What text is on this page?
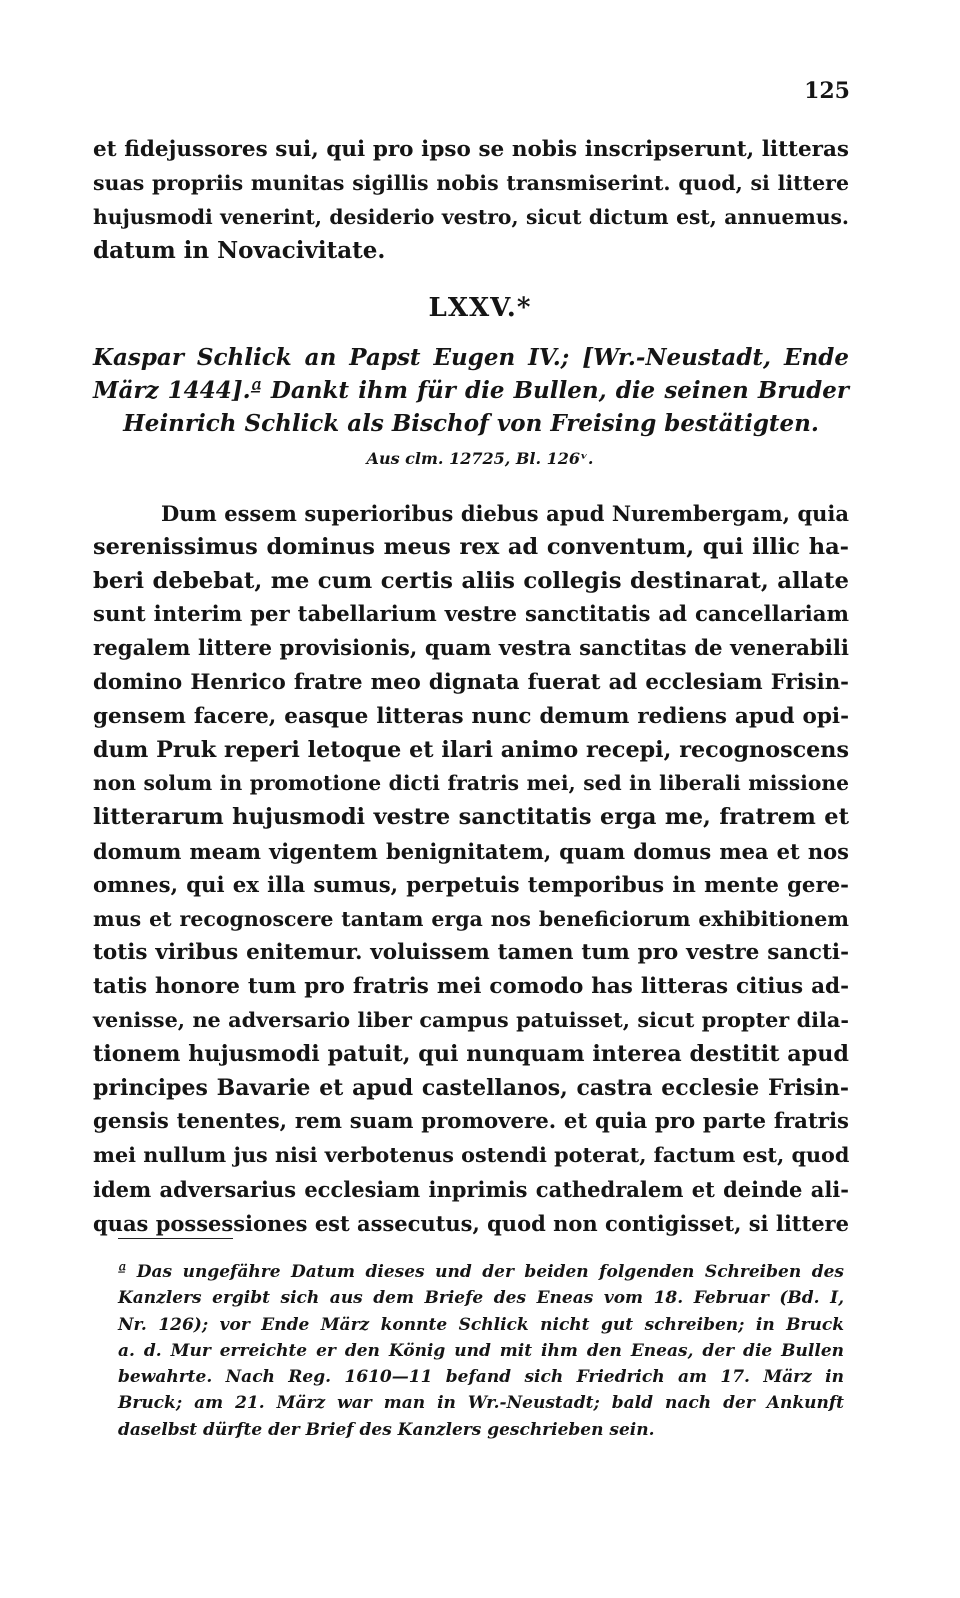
125
et fidejussores sui, qui pro ipso se nobis inscripserunt, litteras
suas propriis munitas sigillis nobis transmiserint. quod, si littere
hujusmodi venerint, desiderio vestro, sicut dictum est, annuemus.
datum in Novacivitate.
LXXV.*
Kaspar Schlick an Papst Eugen IV.; [Wr.-Neustadt, Ende
März 1444].ª Dankt ihm für die Bullen, die seinen Bruder
Heinrich Schlick als Bischof von Freising bestätigten.
Aus clm. 12725, Bl. 126ᵛ.
Dum essem superioribus diebus apud Nurembergam, quia
serenissimus dominus meus rex ad conventum, qui illic ha-
beri debebat, me cum certis aliis collegis destinarat, allate
sunt interim per tabellarium vestre sanctitatis ad cancellariam
regalem littere provisionis, quam vestra sanctitas de venerabili
domino Henrico fratre meo dignata fuerat ad ecclesiam Frisin-
gensem facere, easque litteras nunc demum rediens apud opi-
dum Pruk reperi letoque et ilari animo recepi, recognoscens
non solum in promotione dicti fratris mei, sed in liberali missione
litterarum hujusmodi vestre sanctitatis erga me, fratrem et
domum meam vigentem benignitatem, quam domus mea et nos
omnes, qui ex illa sumus, perpetuis temporibus in mente gere-
mus et recognoscere tantam erga nos beneficiorum exhibitionem
totis viribus enitemur. voluissem tamen tum pro vestre sancti-
tatis honore tum pro fratris mei comodo has litteras citius ad-
venisse, ne adversario liber campus patuisset, sicut propter dila-
tionem hujusmodi patuit, qui nunquam interea destitit apud
principes Bavarie et apud castellanos, castra ecclesie Frisin-
gensis tenentes, rem suam promovere. et quia pro parte fratris
mei nullum jus nisi verbotenus ostendi poterat, factum est, quod
idem adversarius ecclesiam inprimis cathedralem et deinde ali-
quas possessiones est assecutus, quod non contigisset, si littere
ª Das ungefähre Datum dieses und der beiden folgenden Schreiben des
Kanzlers ergibt sich aus dem Briefe des Eneas vom 18. Februar (Bd. I,
Nr. 126); vor Ende März konnte Schlick nicht gut schreiben; in Bruck
a. d. Mur erreichte er den König und mit ihm den Eneas, der die Bullen
bewahrte. Nach Reg. 1610—11 befand sich Friedrich am 17. März in
Bruck; am 21. März war man in Wr.-Neustadt; bald nach der Ankunft
daselbst dürfte der Brief des Kanzlers geschrieben sein.
